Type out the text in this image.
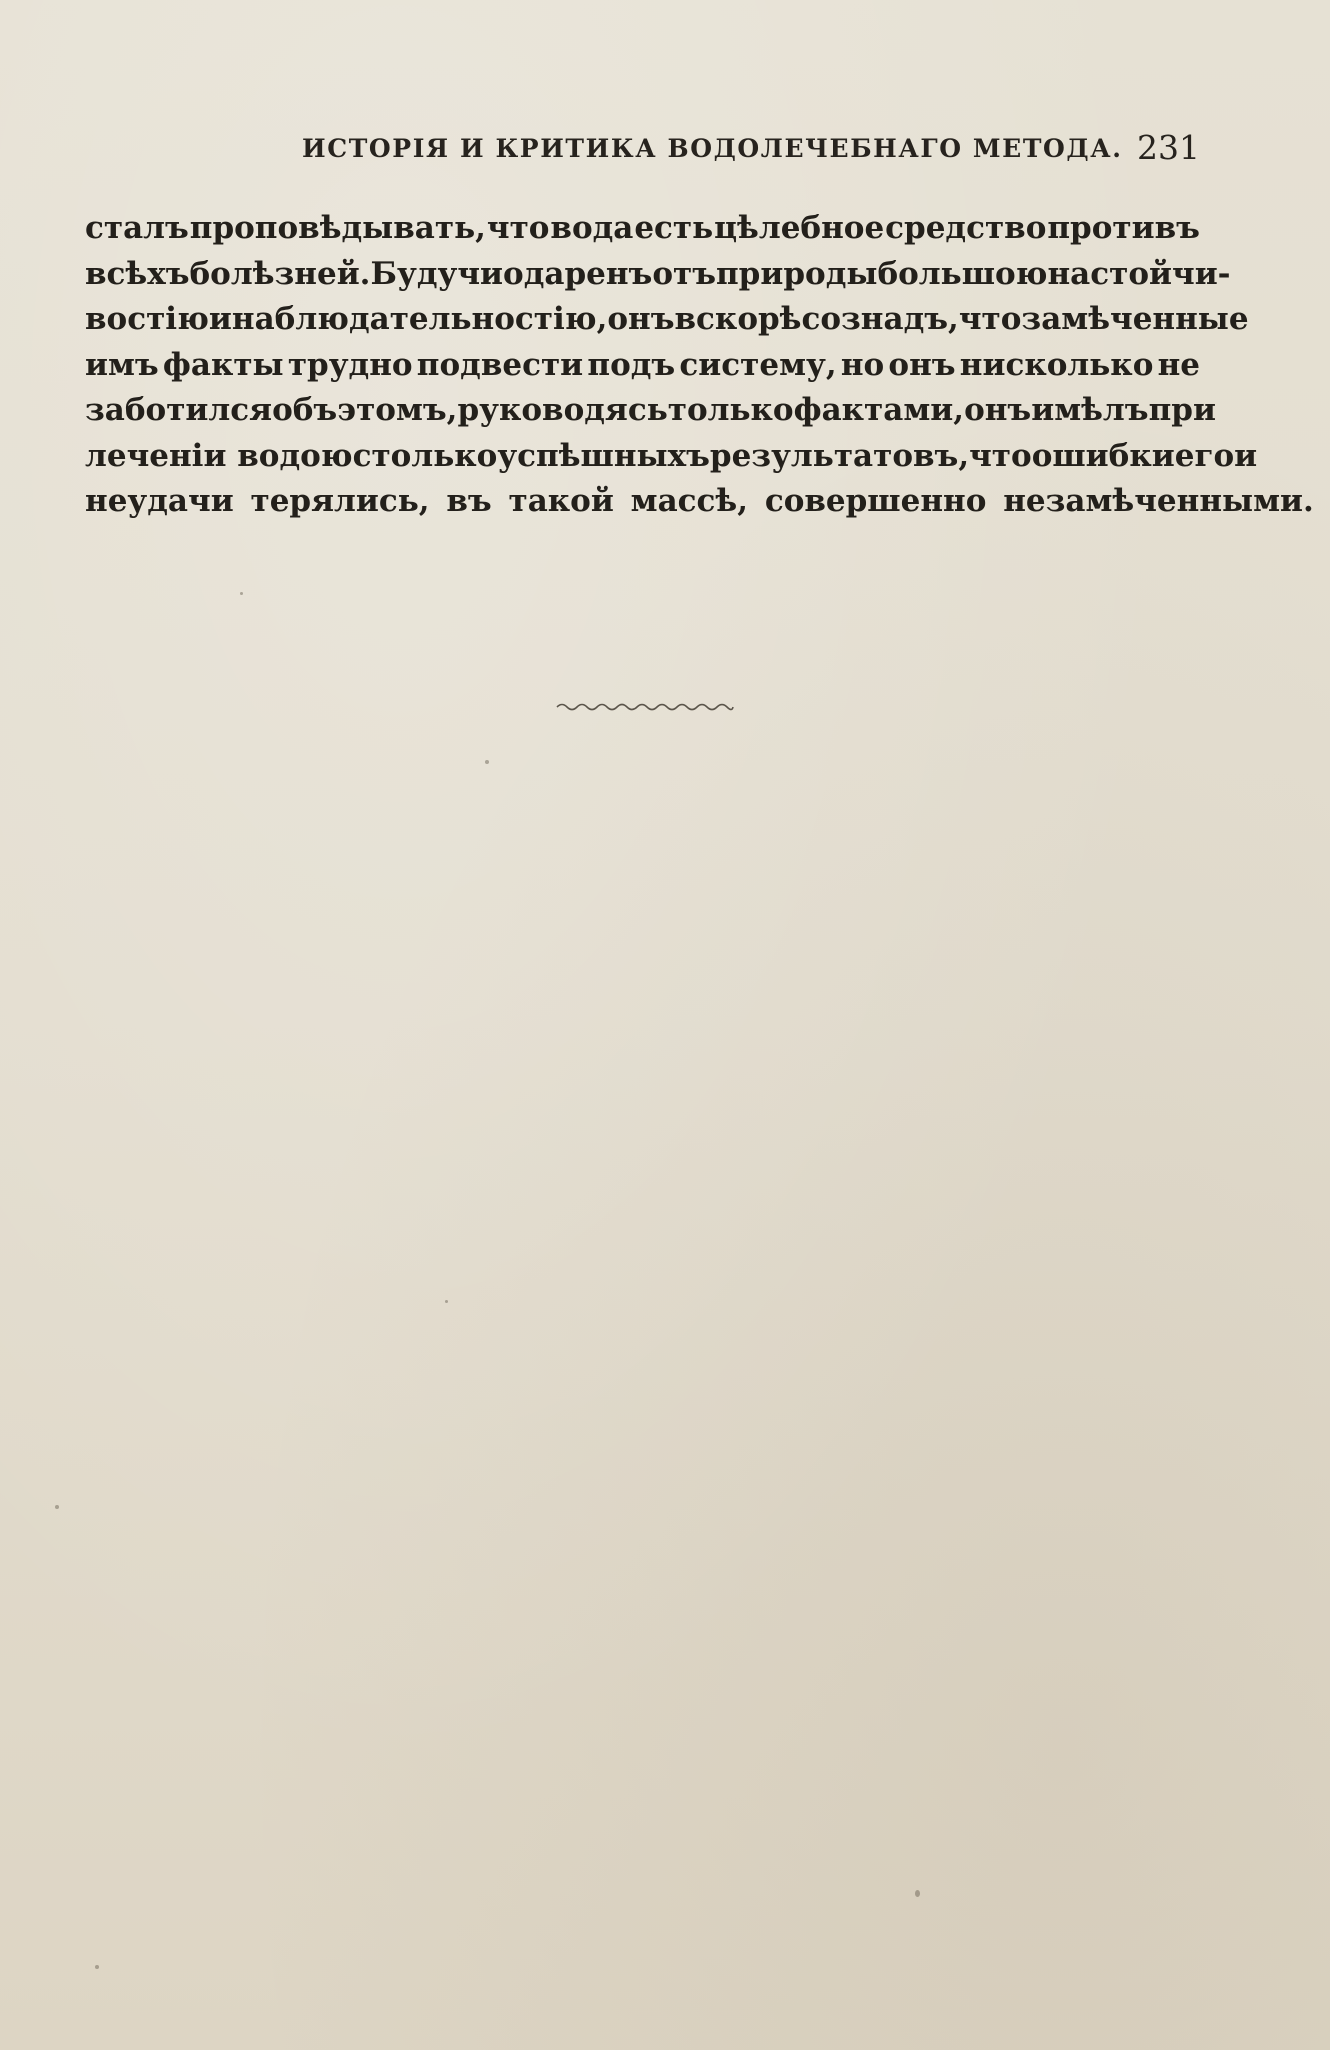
ИСТОРІЯ И КРИТИКА ВОДОЛЕЧЕБНАГО МЕТОДА. 231
сталъ проповѣдывать, что вода есть цѣлебное средство противъ
всѣхъ болѣзней. Будучи одаренъ отъ природы большою настойчи-
востію и наблюдательностію, онъ вскорѣ сознадъ, что замѣченные
имъ факты трудно подвести подъ систему, но онъ нисколько не
заботился объ этомъ, руководясь только фактами, онъ имѣлъ при
леченіи водою столько успѣшныхъ результатовъ, что ошибки его и
неудачи
терялись,
въ
такой
массѣ,
совершенно
незамѣченными.
